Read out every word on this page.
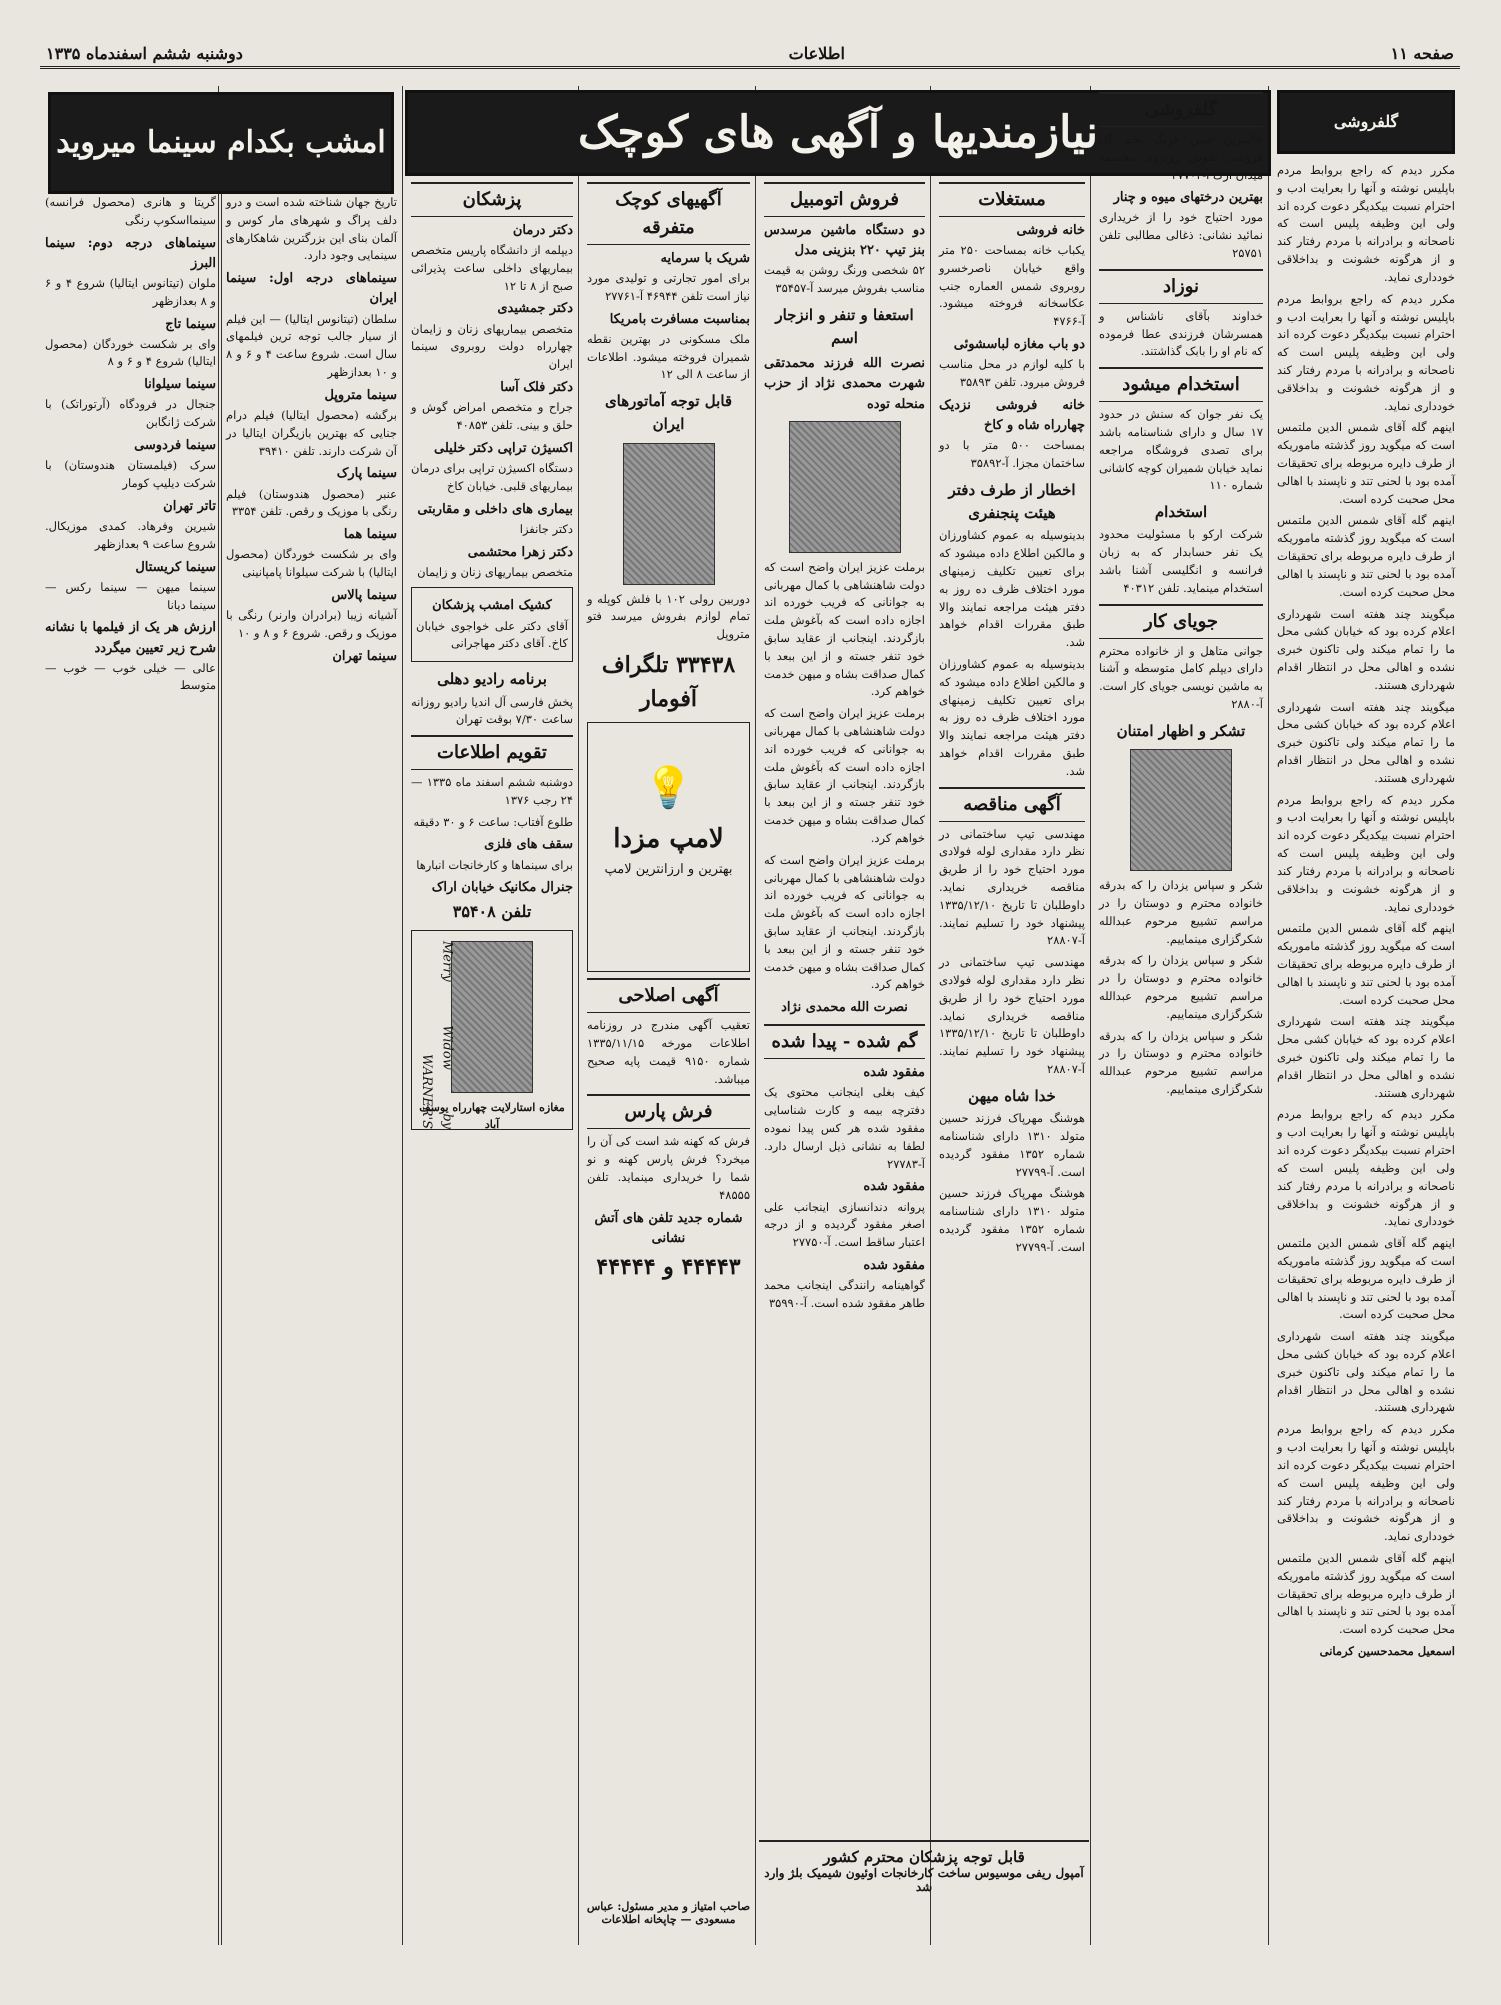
صفحه ۱۱
اطلاعات
دوشنبه ششم اسفندماه ۱۳۳۵
نیازمندیها و آگهی های کوچک
امشب بکدام سینما میروید
گلفروشی

مکرر دیدم که راجع بروابط مردم باپلیس نوشته و آنها را بعرایت ادب و احترام نسبت بیکدیگر دعوت کرده اند ولی این وظیفه پلیس است که ناصحانه و برادرانه با مردم رفتار کند و از هرگونه خشونت و بداخلاقی خودداری نماید.

مکرر دیدم که راجع بروابط مردم باپلیس نوشته و آنها را بعرایت ادب و احترام نسبت بیکدیگر دعوت کرده اند ولی این وظیفه پلیس است که ناصحانه و برادرانه با مردم رفتار کند و از هرگونه خشونت و بداخلاقی خودداری نماید.

اینهم گله آقای شمس الدین ملتمس است که میگوید روز گذشته ماموریکه از طرف دایره مربوطه برای تحقیقات آمده بود با لحنی تند و ناپسند با اهالی محل صحبت کرده است.

اینهم گله آقای شمس الدین ملتمس است که میگوید روز گذشته ماموریکه از طرف دایره مربوطه برای تحقیقات آمده بود با لحنی تند و ناپسند با اهالی محل صحبت کرده است.

میگویند چند هفته است شهرداری اعلام کرده بود که خیابان کشی محل ما را تمام میکند ولی تاکنون خبری نشده و اهالی محل در انتظار اقدام شهرداری هستند.

میگویند چند هفته است شهرداری اعلام کرده بود که خیابان کشی محل ما را تمام میکند ولی تاکنون خبری نشده و اهالی محل در انتظار اقدام شهرداری هستند.

مکرر دیدم که راجع بروابط مردم باپلیس نوشته و آنها را بعرایت ادب و احترام نسبت بیکدیگر دعوت کرده اند ولی این وظیفه پلیس است که ناصحانه و برادرانه با مردم رفتار کند و از هرگونه خشونت و بداخلاقی خودداری نماید.

اینهم گله آقای شمس الدین ملتمس است که میگوید روز گذشته ماموریکه از طرف دایره مربوطه برای تحقیقات آمده بود با لحنی تند و ناپسند با اهالی محل صحبت کرده است.

میگویند چند هفته است شهرداری اعلام کرده بود که خیابان کشی محل ما را تمام میکند ولی تاکنون خبری نشده و اهالی محل در انتظار اقدام شهرداری هستند.

مکرر دیدم که راجع بروابط مردم باپلیس نوشته و آنها را بعرایت ادب و احترام نسبت بیکدیگر دعوت کرده اند ولی این وظیفه پلیس است که ناصحانه و برادرانه با مردم رفتار کند و از هرگونه خشونت و بداخلاقی خودداری نماید.

اینهم گله آقای شمس الدین ملتمس است که میگوید روز گذشته ماموریکه از طرف دایره مربوطه برای تحقیقات آمده بود با لحنی تند و ناپسند با اهالی محل صحبت کرده است.

میگویند چند هفته است شهرداری اعلام کرده بود که خیابان کشی محل ما را تمام میکند ولی تاکنون خبری نشده و اهالی محل در انتظار اقدام شهرداری هستند.

مکرر دیدم که راجع بروابط مردم باپلیس نوشته و آنها را بعرایت ادب و احترام نسبت بیکدیگر دعوت کرده اند ولی این وظیفه پلیس است که ناصحانه و برادرانه با مردم رفتار کند و از هرگونه خشونت و بداخلاقی خودداری نماید.

اینهم گله آقای شمس الدین ملتمس است که میگوید روز گذشته ماموریکه از طرف دایره مربوطه برای تحقیقات آمده بود با لحنی تند و ناپسند با اهالی محل صحبت کرده است.

اسمعیل محمدحسین کرمانی

گلفروشی

عالیترین چمن فرنگ تخم گل فروشی شوش روبروی مجسمه میدان ارک آ-۲۷۷۰۳

بهترین درختهای میوه و چنار

مورد احتیاج خود را از خریداری نمائید نشانی: ذغالی مطالبی تلفن ۲۵۷۵۱

نوزاد

خداوند بآقای ناشناس و همسرشان فرزندی عطا فرموده که نام او را بابک گذاشتند.

استخدام میشود

یک نفر جوان که سنش در حدود ۱۷ سال و دارای شناسنامه باشد برای تصدی فروشگاه مراجعه نماید خیابان شمیران کوچه کاشانی شماره ۱۱۰

استخدام

شرکت ارکو با مسئولیت محدود یک نفر حسابدار که به زبان فرانسه و انگلیسی آشنا باشد استخدام مینماید. تلفن ۴۰۳۱۲

جویای کار

جوانی متاهل و از خانواده محترم دارای دیپلم کامل متوسطه و آشنا به ماشین نویسی جویای کار است. آ-۲۸۸۰

تشکر و اظهار امتنان

شکر و سپاس یزدان را که بدرقه خانواده محترم و دوستان را در مراسم تشییع مرحوم عبدالله شکرگزاری مینماییم.

شکر و سپاس یزدان را که بدرقه خانواده محترم و دوستان را در مراسم تشییع مرحوم عبدالله شکرگزاری مینماییم.

شکر و سپاس یزدان را که بدرقه خانواده محترم و دوستان را در مراسم تشییع مرحوم عبدالله شکرگزاری مینماییم.

مستغلات
خانه فروشی

یکباب خانه بمساحت ۲۵۰ متر واقع خیابان ناصرخسرو روبروی شمس العماره جنب عکاسخانه فروخته میشود. آ-۴۷۶۶

دو باب مغازه لباسشوئی

با کلیه لوازم در محل مناسب فروش میرود. تلفن ۳۵۸۹۳

خانه فروشی نزدیک چهارراه شاه و کاخ

بمساحت ۵۰۰ متر با دو ساختمان مجزا. آ-۳۵۸۹۲

اخطار از طرف دفتر هیئت پنجنفری

بدینوسیله به عموم کشاورزان و مالکین اطلاع داده میشود که برای تعیین تکلیف زمینهای مورد اختلاف ظرف ده روز به دفتر هیئت مراجعه نمایند والا طبق مقررات اقدام خواهد شد.

بدینوسیله به عموم کشاورزان و مالکین اطلاع داده میشود که برای تعیین تکلیف زمینهای مورد اختلاف ظرف ده روز به دفتر هیئت مراجعه نمایند والا طبق مقررات اقدام خواهد شد.

آگهی مناقصه

مهندسی تیپ ساختمانی در نظر دارد مقداری لوله فولادی مورد احتیاج خود را از طریق مناقصه خریداری نماید. داوطلبان تا تاریخ ۱۳۳۵/۱۲/۱۰ پیشنهاد خود را تسلیم نمایند. آ-۲۸۸۰۷

مهندسی تیپ ساختمانی در نظر دارد مقداری لوله فولادی مورد احتیاج خود را از طریق مناقصه خریداری نماید. داوطلبان تا تاریخ ۱۳۳۵/۱۲/۱۰ پیشنهاد خود را تسلیم نمایند. آ-۲۸۸۰۷

خدا شاه میهن

هوشنگ مهرپاک فرزند حسین متولد ۱۳۱۰ دارای شناسنامه شماره ۱۳۵۲ مفقود گردیده است. آ-۲۷۷۹۹

هوشنگ مهرپاک فرزند حسین متولد ۱۳۱۰ دارای شناسنامه شماره ۱۳۵۲ مفقود گردیده است. آ-۲۷۷۹۹

فروش اتومبیل
دو دستگاه ماشین مرسدس بنز تیپ ۲۲۰ بنزینی مدل

۵۲ شخصی ورنگ روشن به قیمت مناسب بفروش میرسد آ-۳۵۴۵۷

استعفا و تنفر و انزجار اسم
نصرت الله فرزند محمدتقی شهرت محمدی نژاد از حزب منحله توده

برملت عزیز ایران واضح است که دولت شاهنشاهی با کمال مهربانی به جوانانی که فریب خورده اند اجازه داده است که بآغوش ملت بازگردند. اینجانب از عقاید سابق خود تنفر جسته و از این ببعد با کمال صداقت بشاه و میهن خدمت خواهم کرد.

برملت عزیز ایران واضح است که دولت شاهنشاهی با کمال مهربانی به جوانانی که فریب خورده اند اجازه داده است که بآغوش ملت بازگردند. اینجانب از عقاید سابق خود تنفر جسته و از این ببعد با کمال صداقت بشاه و میهن خدمت خواهم کرد.

برملت عزیز ایران واضح است که دولت شاهنشاهی با کمال مهربانی به جوانانی که فریب خورده اند اجازه داده است که بآغوش ملت بازگردند. اینجانب از عقاید سابق خود تنفر جسته و از این ببعد با کمال صداقت بشاه و میهن خدمت خواهم کرد.

نصرت الله محمدی نژاد
گم شده - پیدا شده
مفقود شده

کیف بغلی اینجانب محتوی یک دفترچه بیمه و کارت شناسایی مفقود شده هر کس پیدا نموده لطفا به نشانی ذیل ارسال دارد. آ-۲۷۷۸۳

مفقود شده

پروانه دندانسازی اینجانب علی اصغر مفقود گردیده و از درجه اعتبار ساقط است. آ-۲۷۷۵۰

مفقود شده

گواهینامه رانندگی اینجانب محمد طاهر مفقود شده است. آ-۳۵۹۹۰

آگهیهای کوچک متفرقه
شریک با سرمایه

برای امور تجارتی و تولیدی مورد نیاز است تلفن ۴۶۹۴۴ آ-۲۷۷۶۱

بمناسبت مسافرت بامریکا

ملک مسکونی در بهترین نقطه شمیران فروخته میشود. اطلاعات از ساعت ۸ الی ۱۲

قابل توجه آماتورهای ایران

دوربین رولی ۱۰۲ با فلش کوپله و تمام لوازم بفروش میرسد فتو متروپل

۳۳۴۳۸ تلگراف آفومار
💡
لامپ مزدا
بهترین و ارزانترین لامپ
آگهی اصلاحی

تعقیب آگهی مندرج در روزنامه اطلاعات مورخه ۱۳۳۵/۱۱/۱۵ شماره ۹۱۵۰ قیمت پایه صحیح میباشد.

فرش پارس

فرش که کهنه شد است کی آن را میخرد؟ فرش پارس کهنه و نو شما را خریداری مینماید. تلفن ۴۸۵۵۵

شماره جدید تلفن های آتش نشانی
۴۴۴۴۳ و ۴۴۴۴۴
پزشکان
دکتر درمان

دیپلمه از دانشگاه پاریس متخصص بیماریهای داخلی ساعت پذیرائی صبح از ۸ تا ۱۲

دکتر جمشیدی

متخصص بیماریهای زنان و زایمان چهارراه دولت روبروی سینما ایران

دکتر فلک آسا

جراح و متخصص امراض گوش و حلق و بینی. تلفن ۴۰۸۵۳

اکسیژن تراپی دکتر خلیلی

دستگاه اکسیژن تراپی برای درمان بیماریهای قلبی. خیابان کاخ

بیماری های داخلی و مقاربتی

دکتر جانفزا

دکتر زهرا محتشمی

متخصص بیماریهای زنان و زایمان

کشیک امشب پزشکان

آقای دکتر علی خواجوی خیابان کاخ. آقای دکتر مهاجرانی

برنامه رادیو دهلی

پخش فارسی آل اندیا رادیو روزانه ساعت ۷/۳۰ بوقت تهران

تقویم اطلاعات

دوشنبه ششم اسفند ماه ۱۳۳۵ — ۲۴ رجب ۱۳۷۶

طلوع آفتاب: ساعت ۶ و ۳۰ دقیقه

سقف های فلزی

برای سینماها و کارخانجات انبارها

جنرال مکانیک خیابان اراک
تلفن ۳۵۴۰۸
Merry Widow by WARNER'S
مغازه استارلایت چهارراه یوسف آباد

تاریخ جهان شناخته شده است و درو دلف پراگ و شهرهای مار کوس و آلمان بنای این بزرگترین شاهکارهای سینمایی وجود دارد.

سینماهای درجه اول: سینما ایران

سلطان (تیتانوس ایتالیا) — این فیلم از سیار جالب توجه ترین فیلمهای سال است. شروع ساعت ۴ و ۶ و ۸ و ۱۰ بعدازظهر

سینما متروپل

برگشه (محصول ایتالیا) فیلم درام جنایی که بهترین بازیگران ایتالیا در آن شرکت دارند. تلفن ۳۹۴۱۰

سینما پارک

عنبر (محصول هندوستان) فیلم رنگی با موزیک و رقص. تلفن ۳۳۵۴

سینما هما

وای بر شکست خوردگان (محصول ایتالیا) با شرکت سیلوانا پامپانینی

سینما پالاس

آشیانه زیبا (برادران وارنر) رنگی با موزیک و رقص. شروع ۶ و ۸ و ۱۰

سینما تهران

گریتا و هانری (محصول فرانسه) سینمااسکوپ رنگی

سینماهای درجه دوم: سینما البرز

ملوان (تیتانوس ایتالیا) شروع ۴ و ۶ و ۸ بعدازظهر

سینما تاج

وای بر شکست خوردگان (محصول ایتالیا) شروع ۴ و ۶ و ۸

سینما سیلوانا

جنجال در فرودگاه (آرتوراتک) با شرکت ژانگابن

سینما فردوسی

سرک (فیلمستان هندوستان) با شرکت دیلیپ کومار

تاتر تهران

شیرین وفرهاد. کمدی موزیکال. شروع ساعت ۹ بعدازظهر

سینما کریستال

سینما میهن — سینما رکس — سینما دیانا

ارزش هر یک از فیلمها با نشانه شرح زیر تعیین میگردد

عالی — خیلی خوب — خوب — متوسط

قابل توجه پزشکان محترم کشور
آمپول ریفی موسیوس ساخت کارخانجات اوئیون شیمیک بلژ وارد شد
صاحب امتیاز و مدیر مسئول: عباس مسعودی — چاپخانه اطلاعات
